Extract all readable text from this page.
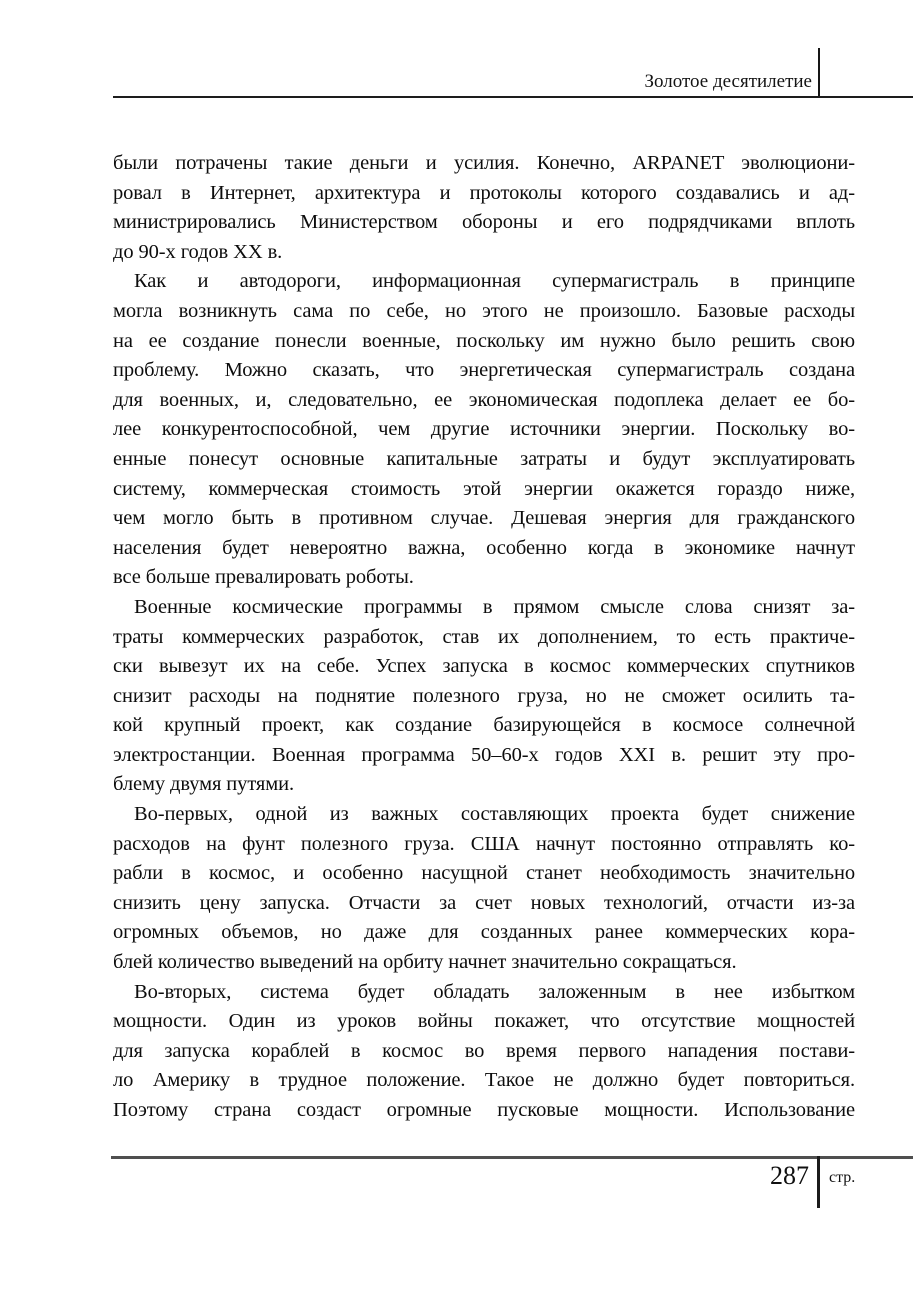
Золотое десятилетие
были потрачены такие деньги и усилия. Конечно, ARPANET эволюциони-
ровал в Интернет, архитектура и протоколы которого создавались и ад-
министрировались Министерством обороны и его подрядчиками вплоть
до 90-х годов XX в.
Как и автодороги, информационная супермагистраль в принципе
могла возникнуть сама по себе, но этого не произошло. Базовые расходы
на ее создание понесли военные, поскольку им нужно было решить свою
проблему. Можно сказать, что энергетическая супермагистраль создана
для военных, и, следовательно, ее экономическая подоплека делает ее бо-
лее конкурентоспособной, чем другие источники энергии. Поскольку во-
енные понесут основные капитальные затраты и будут эксплуатировать
систему, коммерческая стоимость этой энергии окажется гораздо ниже,
чем могло быть в противном случае. Дешевая энергия для гражданского
населения будет невероятно важна, особенно когда в экономике начнут
все больше превалировать роботы.
Военные космические программы в прямом смысле слова снизят за-
траты коммерческих разработок, став их дополнением, то есть практиче-
ски вывезут их на себе. Успех запуска в космос коммерческих спутников
снизит расходы на поднятие полезного груза, но не сможет осилить та-
кой крупный проект, как создание базирующейся в космосе солнечной
электростанции. Военная программа 50–60-х годов XXI в. решит эту про-
блему двумя путями.
Во-первых, одной из важных составляющих проекта будет снижение
расходов на фунт полезного груза. США начнут постоянно отправлять ко-
рабли в космос, и особенно насущной станет необходимость значительно
снизить цену запуска. Отчасти за счет новых технологий, отчасти из-за
огромных объемов, но даже для созданных ранее коммерческих кора-
блей количество выведений на орбиту начнет значительно сокращаться.
Во-вторых, система будет обладать заложенным в нее избытком
мощности. Один из уроков войны покажет, что отсутствие мощностей
для запуска кораблей в космос во время первого нападения постави-
ло Америку в трудное положение. Такое не должно будет повториться.
Поэтому страна создаст огромные пусковые мощности. Использование
287 стр.
